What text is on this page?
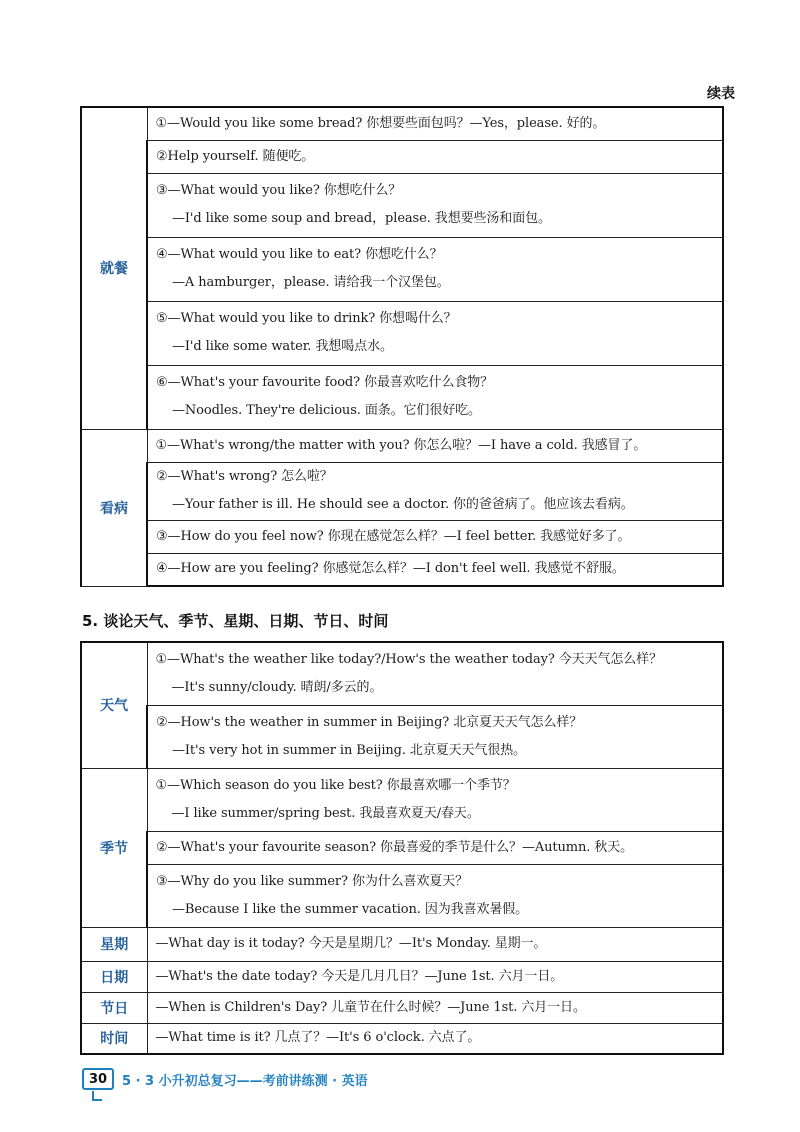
续表
就餐	①—Would you like some bread? 你想要些面包吗？—Yes，please. 好的。

	②Help yourself. 随便吃。

	③—What would you like? 你想吃什么？
—I'd like some soup and bread，please. 我想要些汤和面包。

	④—What would you like to eat? 你想吃什么？
—A hamburger，please. 请给我一个汉堡包。

	⑤—What would you like to drink? 你想喝什么？
—I'd like some water. 我想喝点水。

	⑥—What's your favourite food? 你最喜欢吃什么食物？
—Noodles. They're delicious. 面条。它们很好吃。

看病	①—What's wrong/the matter with you? 你怎么啦？—I have a cold. 我感冒了。

	②—What's wrong? 怎么啦？
—Your father is ill. He should see a doctor. 你的爸爸病了。他应该去看病。

	③—How do you feel now? 你现在感觉怎么样？—I feel better. 我感觉好多了。

	④—How are you feeling? 你感觉怎么样？—I don't feel well. 我感觉不舒服。
5. 谈论天气、季节、星期、日期、节日、时间
天气	①—What's the weather like today?/How's the weather today? 今天天气怎么样？
—It's sunny/cloudy. 晴朗/多云的。

	②—How's the weather in summer in Beijing? 北京夏天天气怎么样？
—It's very hot in summer in Beijing. 北京夏天天气很热。

季节	①—Which season do you like best? 你最喜欢哪一个季节？
—I like summer/spring best. 我最喜欢夏天/春天。

	②—What's your favourite season? 你最喜爱的季节是什么？—Autumn. 秋天。

	③—Why do you like summer? 你为什么喜欢夏天？
—Because I like the summer vacation. 因为我喜欢暑假。

星期	—What day is it today? 今天是星期几？—It's Monday. 星期一。

日期	—What's the date today? 今天是几月几日？—June 1st. 六月一日。

节日	—When is Children's Day? 儿童节在什么时候？—June 1st. 六月一日。

时间	—What time is it? 几点了？—It's 6 o'clock. 六点了。
30	5 · 3 小升初总复习——考前讲练测 · 英语
